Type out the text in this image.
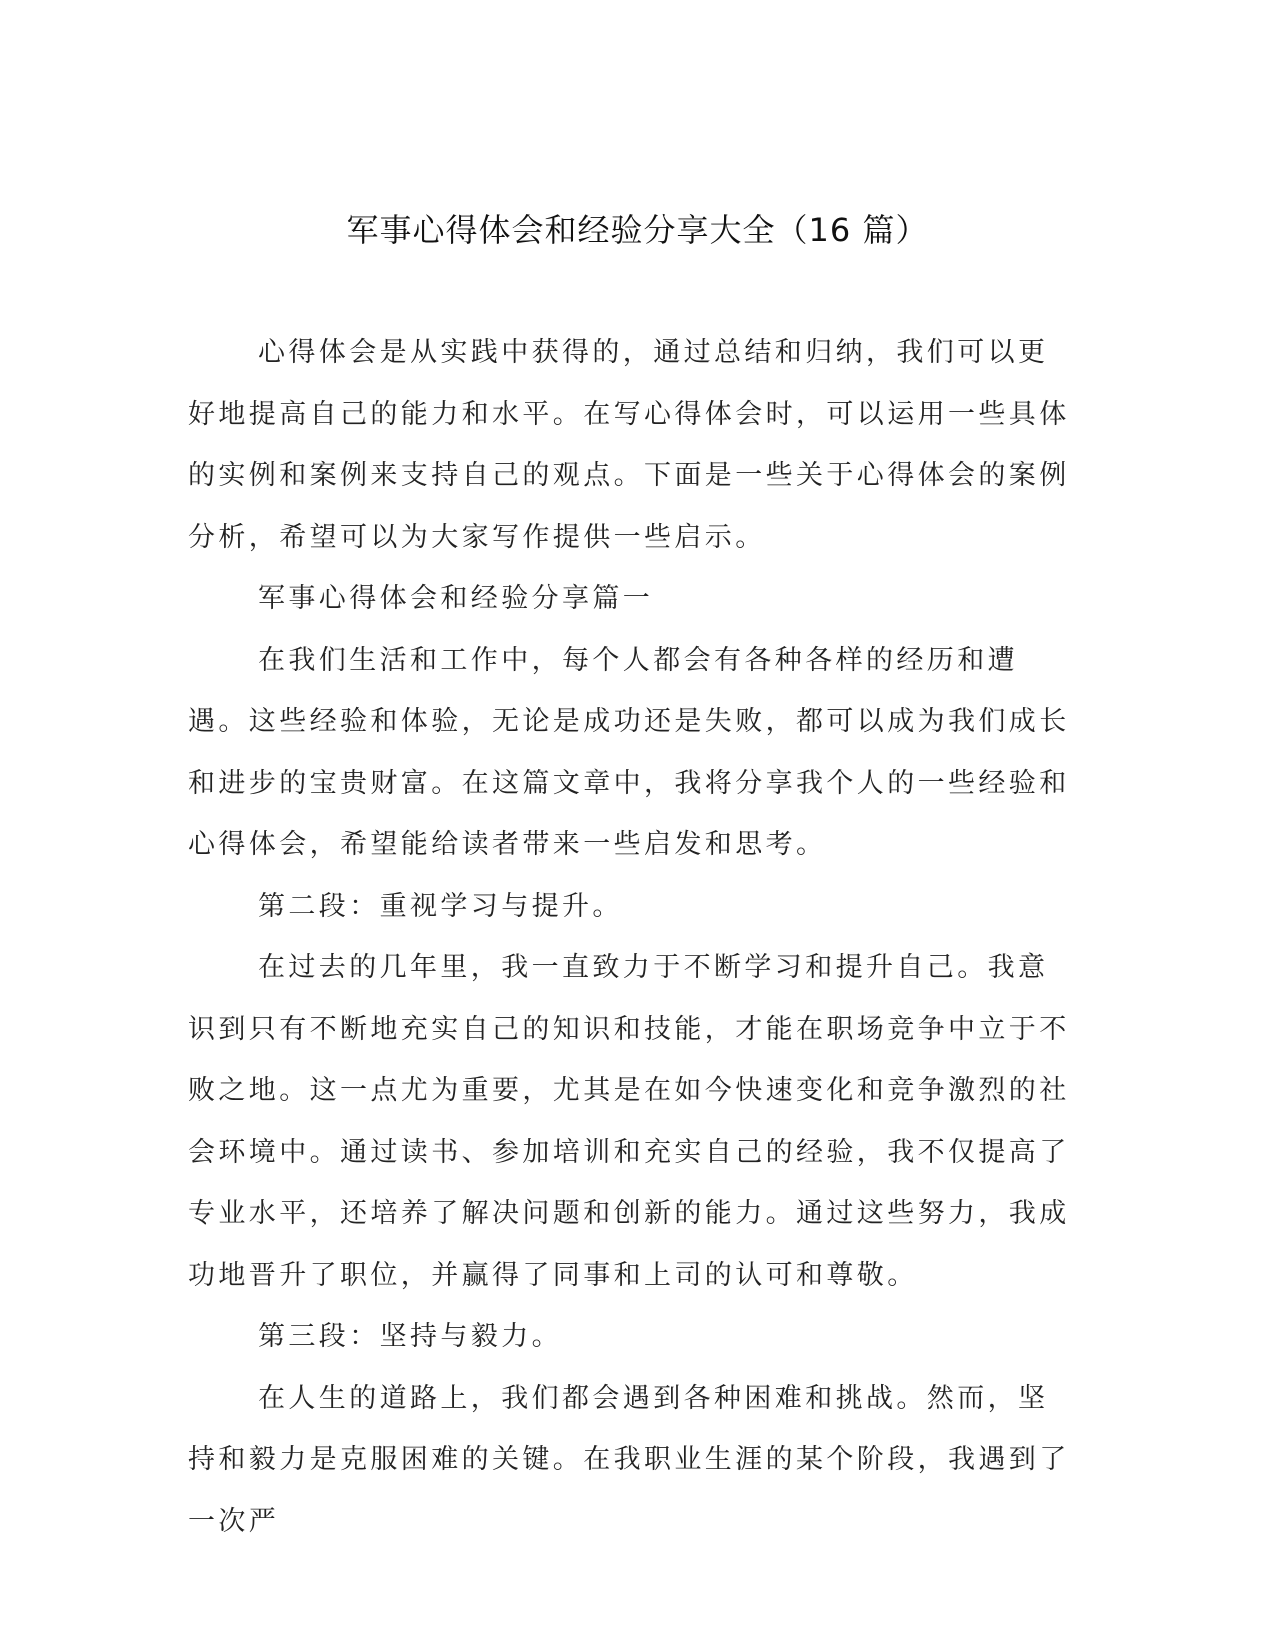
军事心得体会和经验分享大全（16 篇）

心得体会是从实践中获得的，通过总结和归纳，我们可以更好地提高自己的能力和水平。在写心得体会时，可以运用一些具体的实例和案例来支持自己的观点。下面是一些关于心得体会的案例分析，希望可以为大家写作提供一些启示。

军事心得体会和经验分享篇一

在我们生活和工作中，每个人都会有各种各样的经历和遭遇。这些经验和体验，无论是成功还是失败，都可以成为我们成长和进步的宝贵财富。在这篇文章中，我将分享我个人的一些经验和心得体会，希望能给读者带来一些启发和思考。

第二段：重视学习与提升。

在过去的几年里，我一直致力于不断学习和提升自己。我意识到只有不断地充实自己的知识和技能，才能在职场竞争中立于不败之地。这一点尤为重要，尤其是在如今快速变化和竞争激烈的社会环境中。通过读书、参加培训和充实自己的经验，我不仅提高了专业水平，还培养了解决问题和创新的能力。通过这些努力，我成功地晋升了职位，并赢得了同事和上司的认可和尊敬。

第三段：坚持与毅力。

在人生的道路上，我们都会遇到各种困难和挑战。然而，坚持和毅力是克服困难的关键。在我职业生涯的某个阶段，我遇到了一次严
